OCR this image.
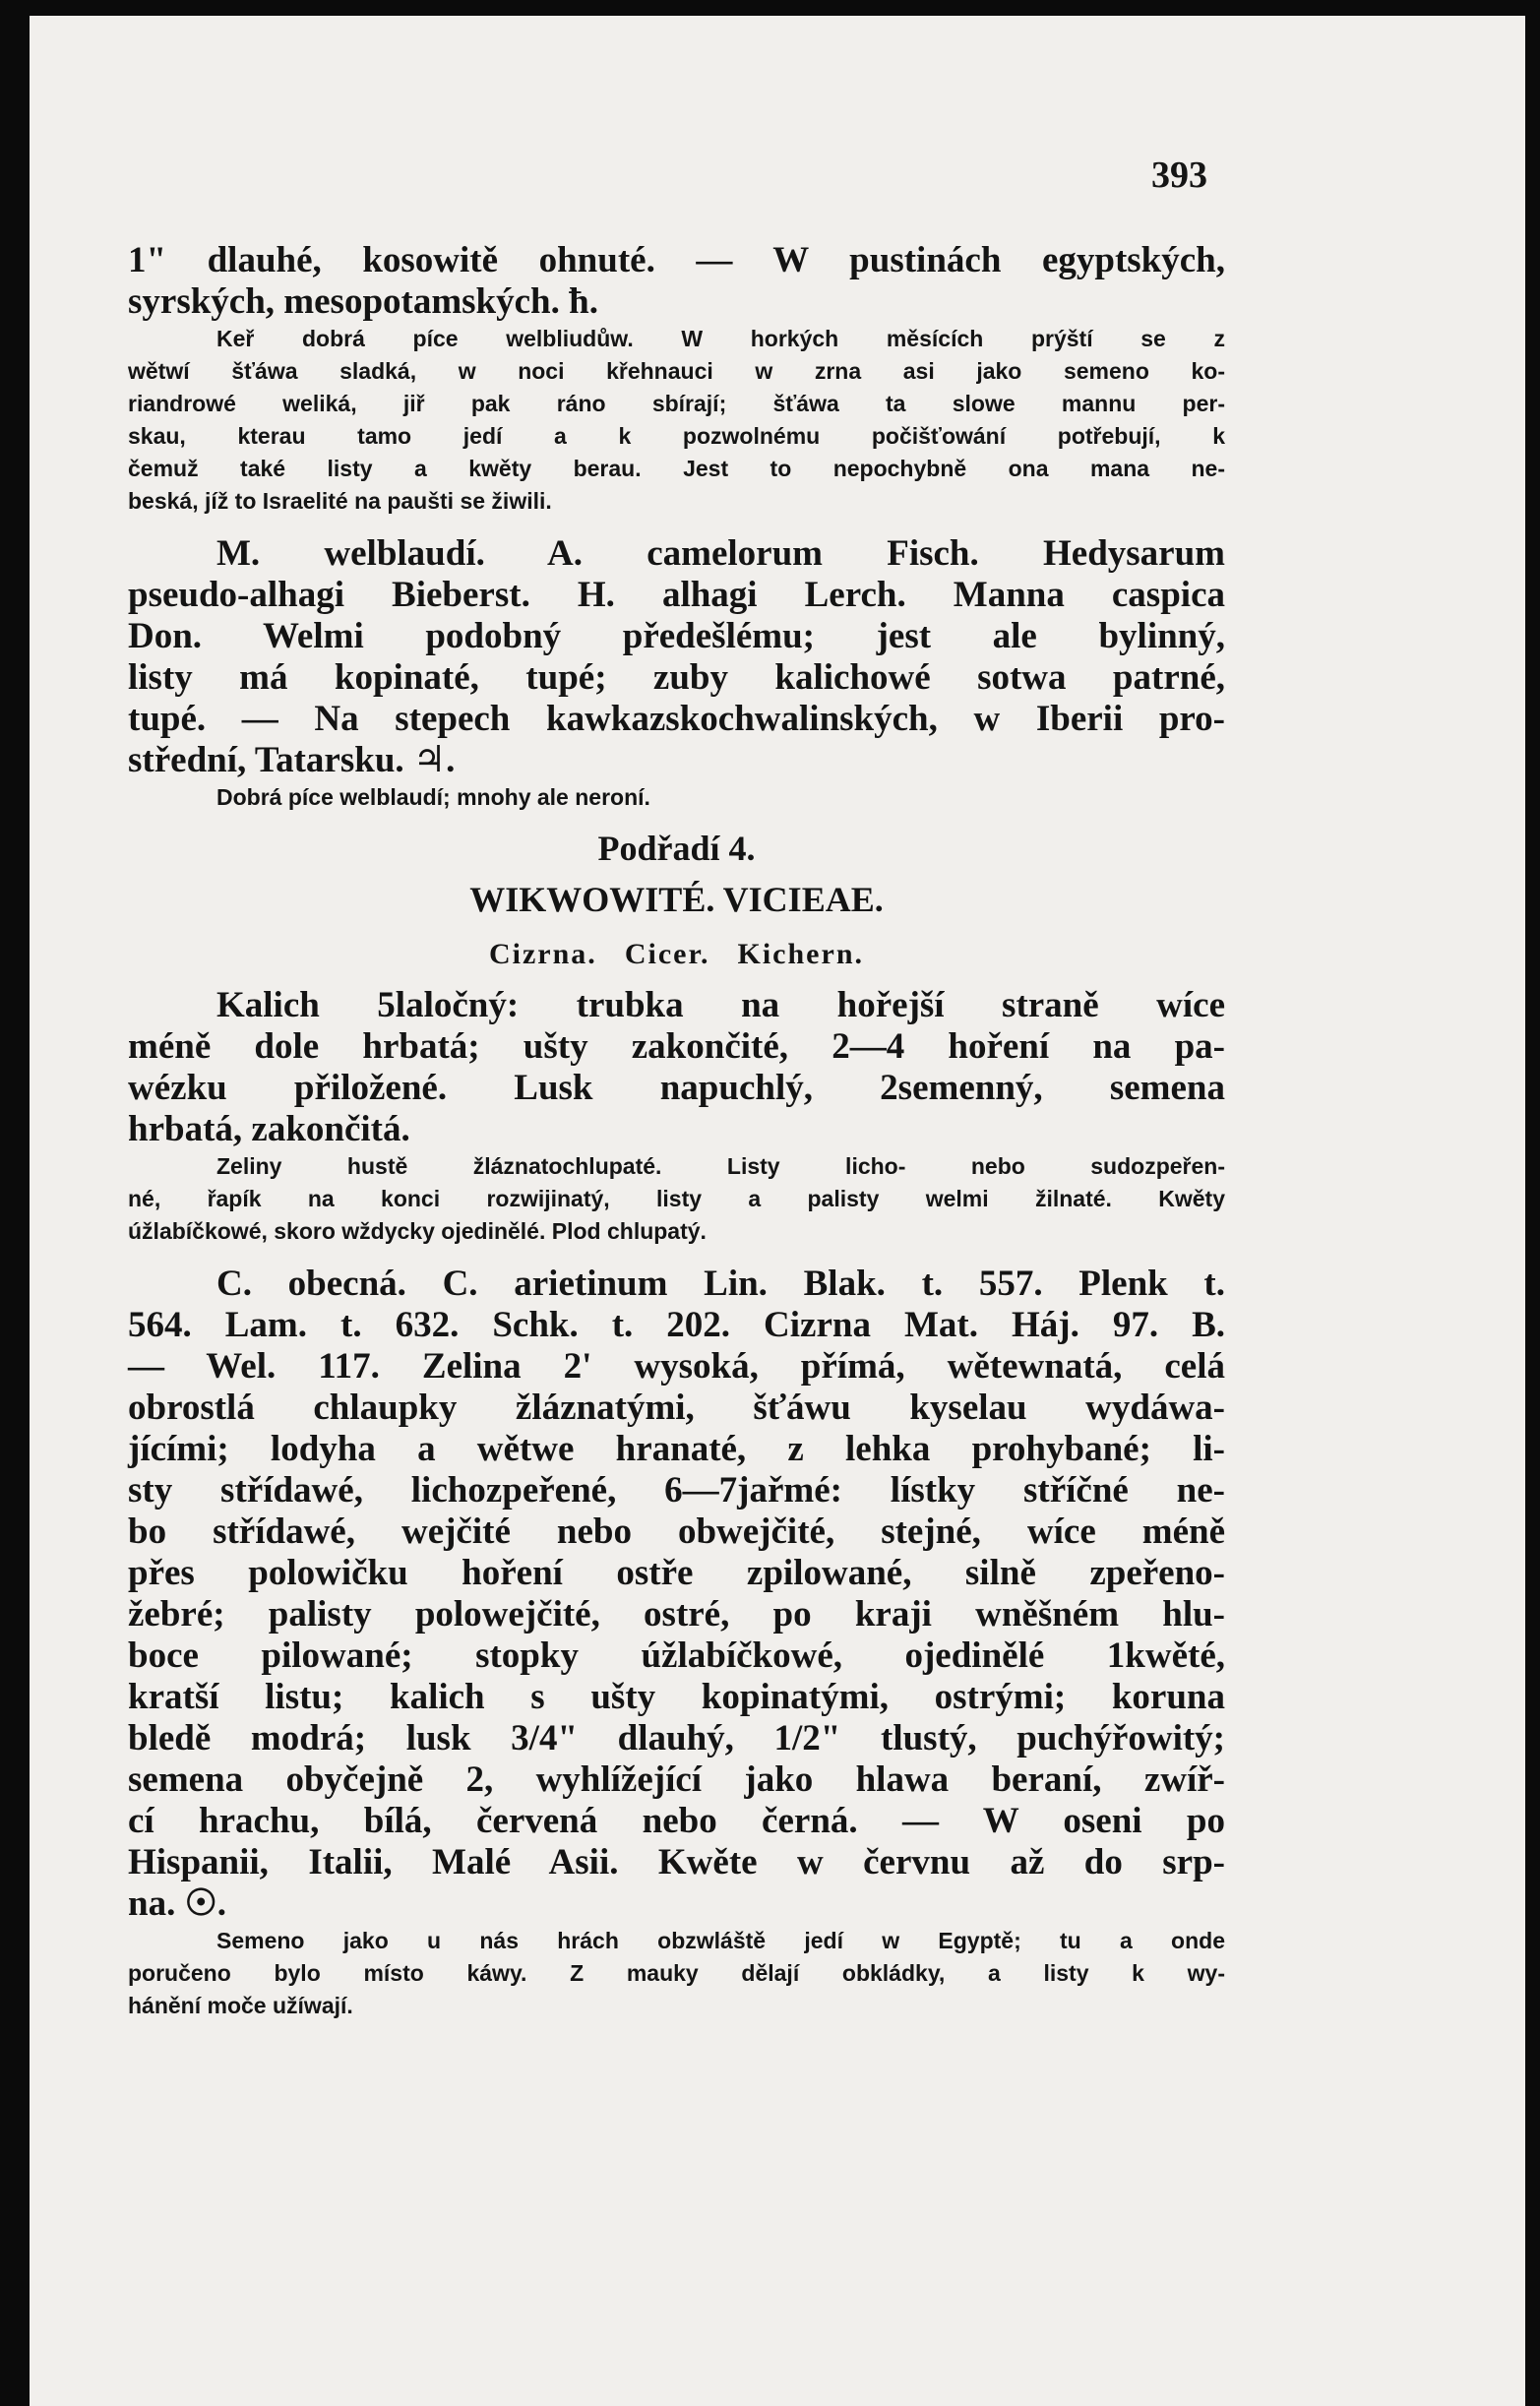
393
1" dlauhé, kosowitě ohnuté. — W pustinách egyptských,
syrských, mesopotamských. ħ.
Keř dobrá píce welbliudůw. W horkých měsících prýští se z
wětwí šťáwa sladká, w noci křehnauci w zrna asi jako semeno ko-
riandrowé weliká, jiř pak ráno sbírají; šťáwa ta slowe mannu per-
skau, kterau tamo jedí a k pozwolnému počišťowání potřebují, k
čemuž také listy a kwěty berau. Jest to nepochybně ona mana ne-
beská, jíž to Israelité na paušti se žiwili.
M. welblaudí. A. camelorum Fisch. Hedysarum
pseudo-alhagi Bieberst. H. alhagi Lerch. Manna caspica
Don. Welmi podobný předešlému; jest ale bylinný,
listy má kopinaté, tupé; zuby kalichowé sotwa patrné,
tupé. — Na stepech kawkazskochwalinských, w Iberii pro-
střední, Tatarsku. ♃.
Dobrá píce welblaudí; mnohy ale neroní.
Podřadí 4.
WIKWOWITÉ. VICIEAE.
Cizrna. Cicer. Kichern.
Kalich 5laločný: trubka na hořejší straně wíce
méně dole hrbatá; ušty zakončité, 2—4 hoření na pa-
wézku přiložené. Lusk napuchlý, 2semenný, semena
hrbatá, zakončitá.
Zeliny hustě žláznatochlupaté. Listy licho- nebo sudozpeřen-
né, řapík na konci rozwijinatý, listy a palisty welmi žilnaté. Kwěty
úžlabíčkowé, skoro wždycky ojedinělé. Plod chlupatý.
C. obecná. C. arietinum Lin. Blak. t. 557. Plenk t.
564. Lam. t. 632. Schk. t. 202. Cizrna Mat. Háj. 97. B.
— Wel. 117. Zelina 2' wysoká, přímá, wětewnatá, celá
obrostlá chlaupky žláznatými, šťáwu kyselau wydáwa-
jícími; lodyha a wětwe hranaté, z lehka prohybané; li-
sty střídawé, lichozpeřené, 6—7jařmé: lístky stříčné ne-
bo střídawé, wejčité nebo obwejčité, stejné, wíce méně
přes polowičku hoření ostře zpilowané, silně zpeřeno-
žebré; palisty polowejčité, ostré, po kraji wněšném hlu-
boce pilowané; stopky úžlabíčkowé, ojedinělé 1kwěté,
kratší listu; kalich s ušty kopinatými, ostrými; koruna
bledě modrá; lusk 3/4" dlauhý, 1/2" tlustý, puchýřowitý;
semena obyčejně 2, wyhlížející jako hlawa beraní, zwíř-
cí hrachu, bílá, červená nebo černá. — W oseni po
Hispanii, Italii, Malé Asii. Kwěte w červnu až do srp-
na. ☉.
Semeno jako u nás hrách obzwláště jedí w Egyptě; tu a onde
poručeno bylo místo káwy. Z mauky dělají obkládky, a listy k wy-
hánění moče užíwají.
